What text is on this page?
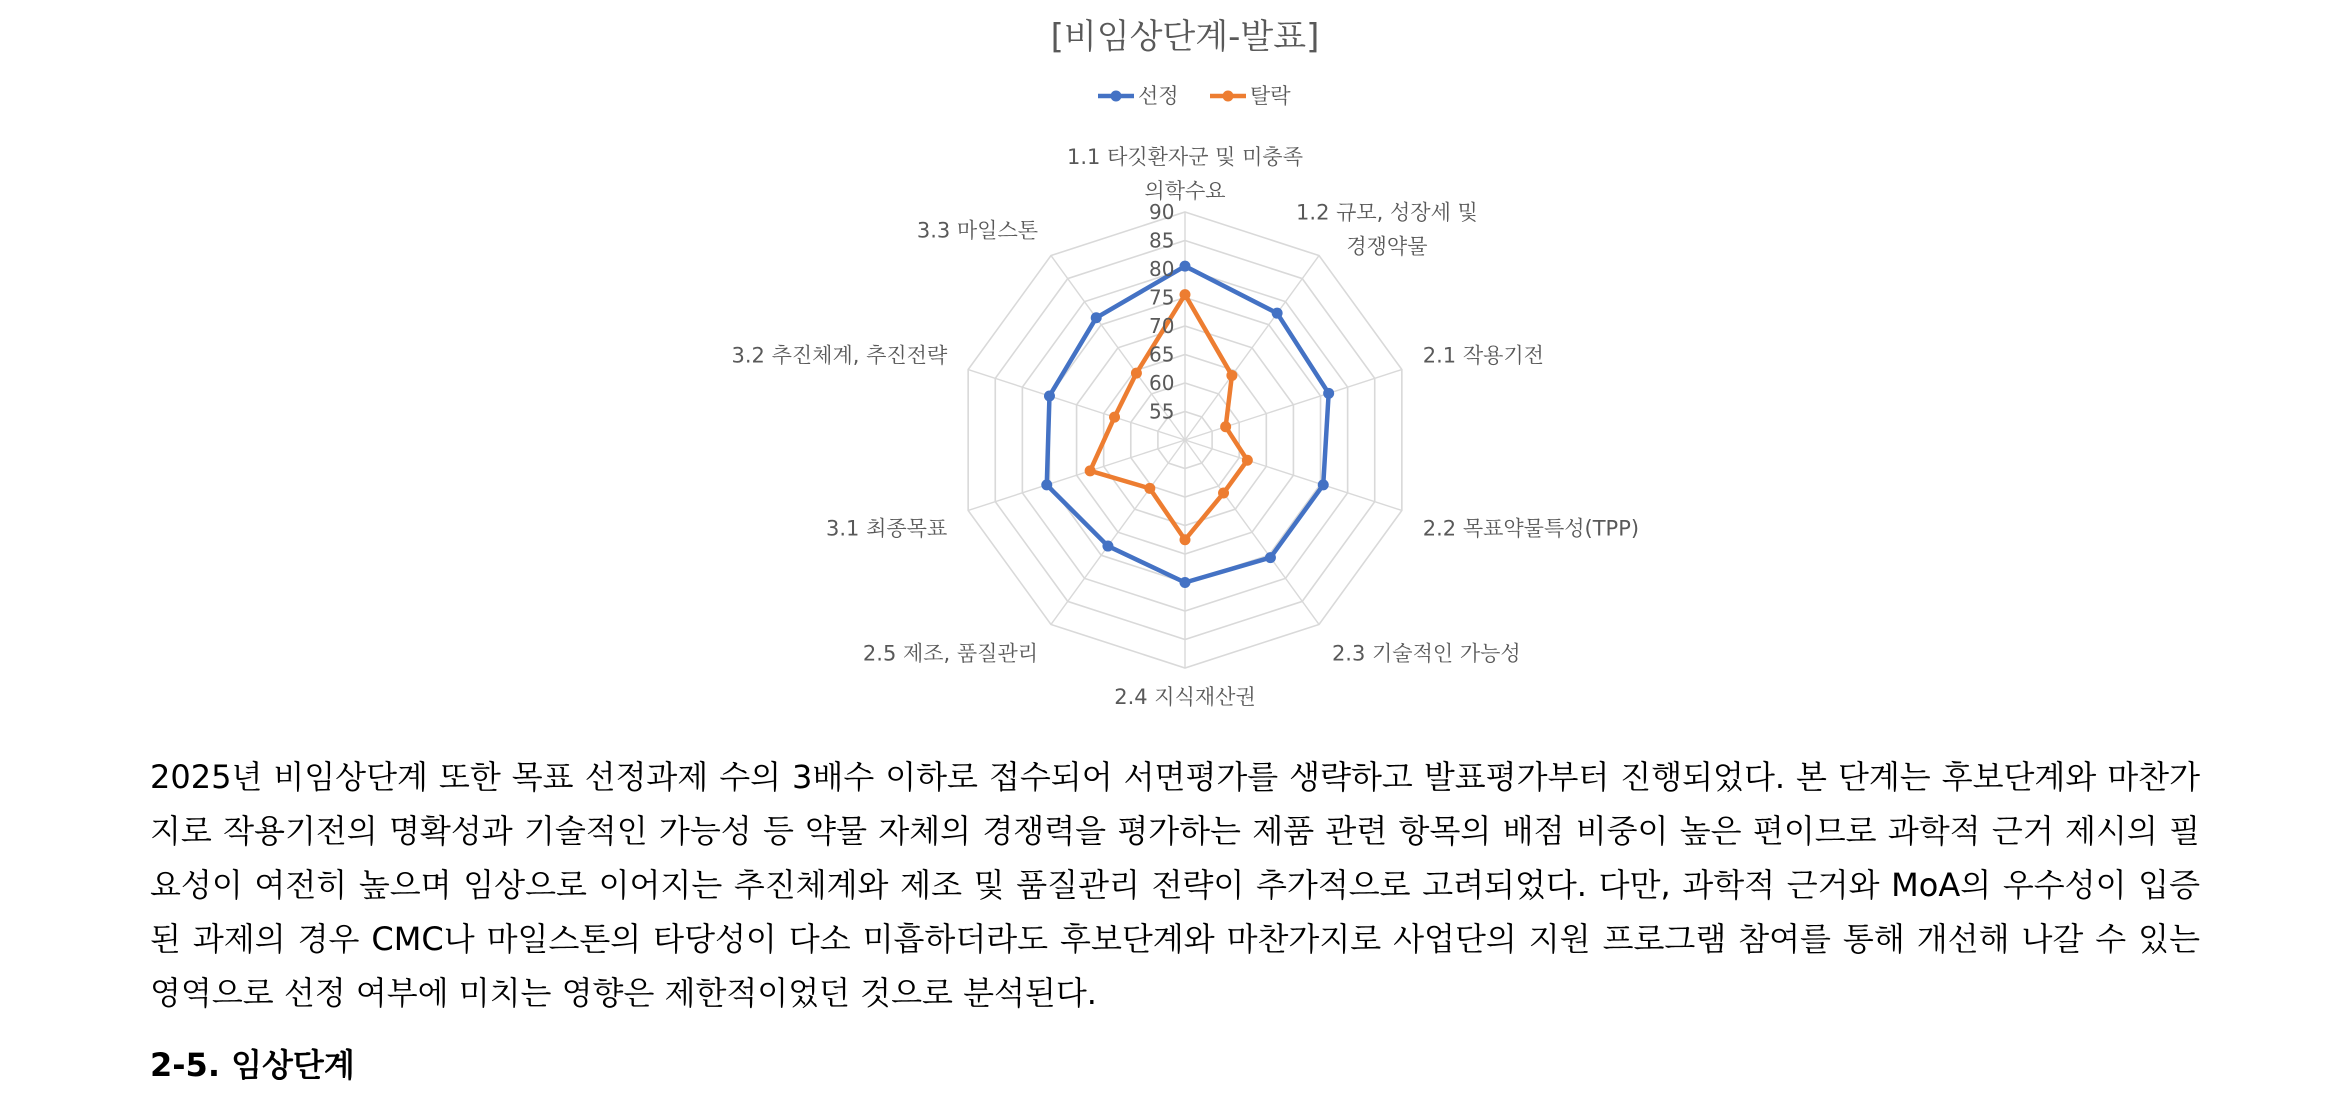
[비임상단계-발표]
선정	탈락
55
60
65
70
75
80
85
90
1.1 타깃환자군 및 미충족 의학수요
1.2 규모, 성장세 및 경쟁약물
2.1 작용기전
2.2 목표약물특성(TPP)
2.3 기술적인 가능성
2.4 지식재산권
2.5 제조, 품질관리
3.1 최종목표
3.2 추진체계, 추진전략
3.3 마일스톤

2025년 비임상단계 또한 목표 선정과제 수의 3배수 이하로 접수되어 서면평가를 생략하고 발표평가부터 진행되었다. 본 단계는 후보단계와 마찬가지로 작용기전의 명확성과 기술적인 가능성 등 약물 자체의 경쟁력을 평가하는 제품 관련 항목의 배점 비중이 높은 편이므로 과학적 근거 제시의 필요성이 여전히 높으며 임상으로 이어지는 추진체계와 제조 및 품질관리 전략이 추가적으로 고려되었다. 다만, 과학적 근거와 MoA의 우수성이 입증된 과제의 경우 CMC나 마일스톤의 타당성이 다소 미흡하더라도 후보단계와 마찬가지로 사업단의 지원 프로그램 참여를 통해 개선해 나갈 수 있는 영역으로 선정 여부에 미치는 영향은 제한적이었던 것으로 분석된다.

2-5. 임상단계
